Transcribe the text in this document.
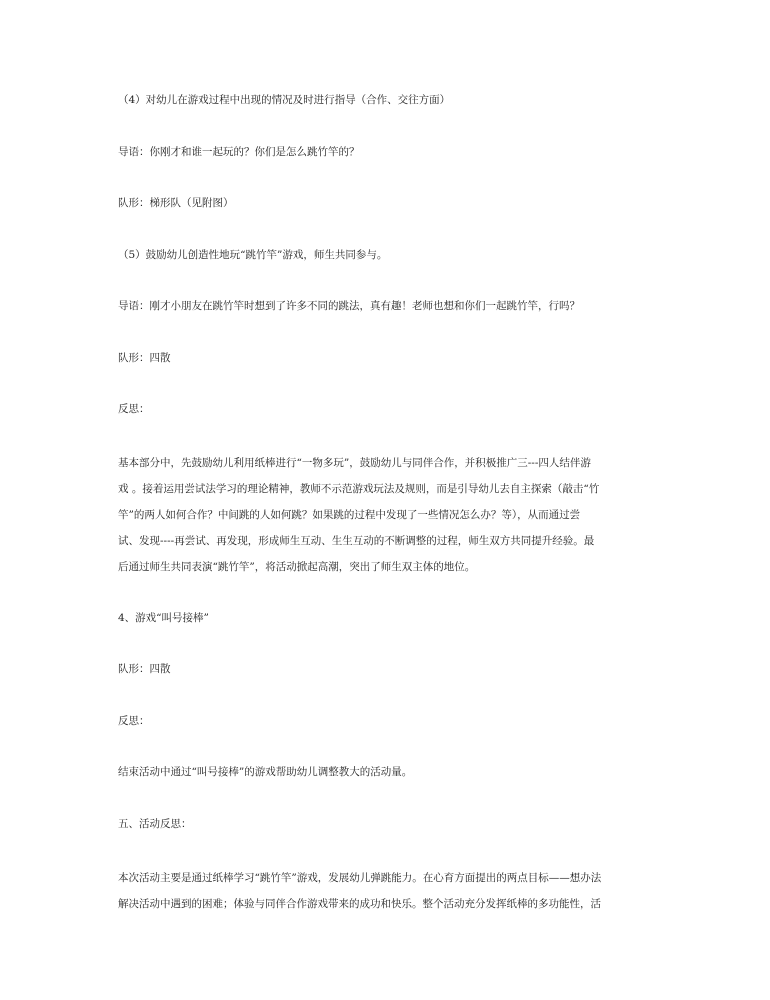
（4）对幼儿在游戏过程中出现的情况及时进行指导（合作、交往方面）

导语：你刚才和谁一起玩的？你们是怎么跳竹竿的？

队形：梯形队（见附图）

（5）鼓励幼儿创造性地玩“跳竹竿”游戏，师生共同参与。

导语：刚才小朋友在跳竹竿时想到了许多不同的跳法，真有趣！老师也想和你们一起跳竹竿，行吗？

队形：四散

反思：

基本部分中，先鼓励幼儿利用纸棒进行“一物多玩”，鼓励幼儿与同伴合作，并积极推广三---四人结伴游
戏 。接着运用尝试法学习的理论精神，教师不示范游戏玩法及规则，而是引导幼儿去自主探索（敲击“竹
竿”的两人如何合作？中间跳的人如何跳？如果跳的过程中发现了一些情况怎么办？等），从而通过尝
试、发现----再尝试、再发现，形成师生互动、生生互动的不断调整的过程，师生双方共同提升经验。最
后通过师生共同表演“跳竹竿”，将活动掀起高潮，突出了师生双主体的地位。

4、游戏“叫号接棒”

队形：四散

反思：

结束活动中通过“叫号接棒”的游戏帮助幼儿调整教大的活动量。

五、活动反思：

本次活动主要是通过纸棒学习“跳竹竿”游戏，发展幼儿弹跳能力。在心育方面提出的两点目标——想办法
解决活动中遇到的困难；体验与同伴合作游戏带来的成功和快乐。整个活动充分发挥纸棒的多功能性，活
